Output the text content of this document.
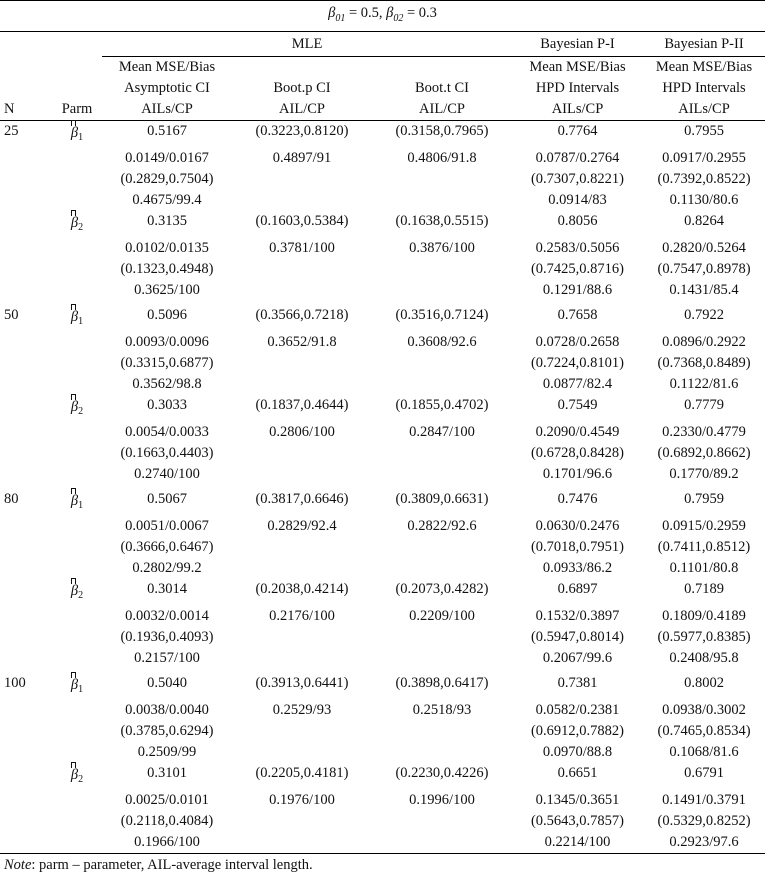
$\beta_{01} = 0.5$, $\beta_{02} = 0.3$						
		MLE			Bayesian P-I	Bayesian P-II
		Mean MSE/Bias			Mean MSE/Bias	Mean MSE/Bias
		Asymptotic CI	Boot.p CI	Boot.t CI	HPD Intervals	HPD Intervals
N	Parm	AILs/CP	AIL/CP	AIL/CP	AILs/CP	AILs/CP
25	$\beta_1$	0.5167	(0.3223,0.8120)	(0.3158,0.7965)	0.7764	0.7955
		0.0149/0.0167	0.4897/91	0.4806/91.8	0.0787/0.2764	0.0917/0.2955
		(0.2829,0.7504)			(0.7307,0.8221)	(0.7392,0.8522)
		0.4675/99.4			0.0914/83	0.1130/80.6
	$\beta_2$	0.3135	(0.1603,0.5384)	(0.1638,0.5515)	0.8056	0.8264
		0.0102/0.0135	0.3781/100	0.3876/100	0.2583/0.5056	0.2820/0.5264
		(0.1323,0.4948)			(0.7425,0.8716)	(0.7547,0.8978)
		0.3625/100			0.1291/88.6	0.1431/85.4

50	$\beta_1$	0.5096	(0.3566,0.7218)	(0.3516,0.7124)	0.7658	0.7922
		0.0093/0.0096	0.3652/91.8	0.3608/92.6	0.0728/0.2658	0.0896/0.2922
		(0.3315,0.6877)			(0.7224,0.8101)	(0.7368,0.8489)
		0.3562/98.8			0.0877/82.4	0.1122/81.6
	$\beta_2$	0.3033	(0.1837,0.4644)	(0.1855,0.4702)	0.7549	0.7779
		0.0054/0.0033	0.2806/100	0.2847/100	0.2090/0.4549	0.2330/0.4779
		(0.1663,0.4403)			(0.6728,0.8428)	(0.6892,0.8662)
		0.2740/100			0.1701/96.6	0.1770/89.2

80	$\beta_1$	0.5067	(0.3817,0.6646)	(0.3809,0.6631)	0.7476	0.7959
		0.0051/0.0067	0.2829/92.4	0.2822/92.6	0.0630/0.2476	0.0915/0.2959
		(0.3666,0.6467)			(0.7018,0.7951)	(0.7411,0.8512)
		0.2802/99.2			0.0933/86.2	0.1101/80.8
	$\beta_2$	0.3014	(0.2038,0.4214)	(0.2073,0.4282)	0.6897	0.7189
		0.0032/0.0014	0.2176/100	0.2209/100	0.1532/0.3897	0.1809/0.4189
		(0.1936,0.4093)			(0.5947,0.8014)	(0.5977,0.8385)
		0.2157/100			0.2067/99.6	0.2408/95.8

100	$\beta_1$	0.5040	(0.3913,0.6441)	(0.3898,0.6417)	0.7381	0.8002
		0.0038/0.0040	0.2529/93	0.2518/93	0.0582/0.2381	0.0938/0.3002
		(0.3785,0.6294)			(0.6912,0.7882)	(0.7465,0.8534)
		0.2509/99			0.0970/88.8	0.1068/81.6
	$\beta_2$	0.3101	(0.2205,0.4181)	(0.2230,0.4226)	0.6651	0.6791
		0.0025/0.0101	0.1976/100	0.1996/100	0.1345/0.3651	0.1491/0.3791
		(0.2118,0.4084)			(0.5643,0.7857)	(0.5329,0.8252)
		0.1966/100			0.2214/100	0.2923/97.6

Note: parm – parameter, AIL-average interval length.
